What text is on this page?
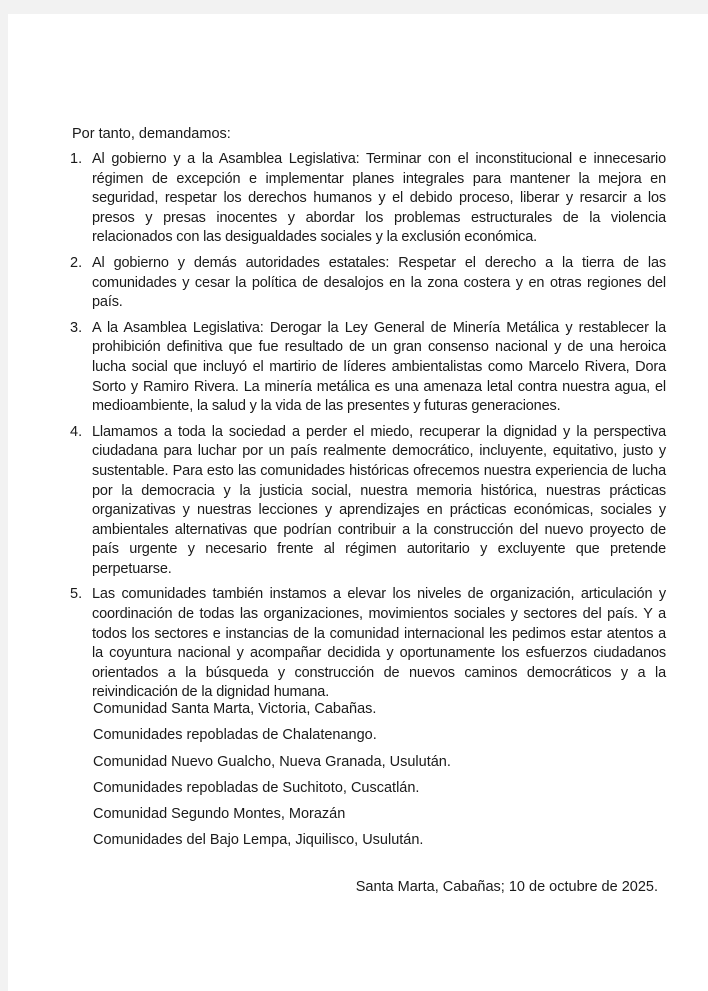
Por tanto, demandamos:

1. Al gobierno y a la Asamblea Legislativa: Terminar con el inconstitucional e innecesario régimen de excepción e implementar planes integrales para mantener la mejora en seguridad, respetar los derechos humanos y el debido proceso, liberar y resarcir a los presos y presas inocentes y abordar los problemas estructurales de la violencia relacionados con las desigualdades sociales y la exclusión económica.
2. Al gobierno y demás autoridades estatales: Respetar el derecho a la tierra de las comunidades y cesar la política de desalojos en la zona costera y en otras regiones del país.
3. A la Asamblea Legislativa: Derogar la Ley General de Minería Metálica y restablecer la prohibición definitiva que fue resultado de un gran consenso nacional y de una heroica lucha social que incluyó el martirio de líderes ambientalistas como Marcelo Rivera, Dora Sorto y Ramiro Rivera. La minería metálica es una amenaza letal contra nuestra agua, el medioambiente, la salud y la vida de las presentes y futuras generaciones.
4. Llamamos a toda la sociedad a perder el miedo, recuperar la dignidad y la perspectiva ciudadana para luchar por un país realmente democrático, incluyente, equitativo, justo y sustentable. Para esto las comunidades históricas ofrecemos nuestra experiencia de lucha por la democracia y la justicia social, nuestra memoria histórica, nuestras prácticas organizativas y nuestras lecciones y aprendizajes en prácticas económicas, sociales y ambientales alternativas que podrían contribuir a la construcción del nuevo proyecto de país urgente y necesario frente al régimen autoritario y excluyente que pretende perpetuarse.
5. Las comunidades también instamos a elevar los niveles de organización, articulación y coordinación de todas las organizaciones, movimientos sociales y sectores del país. Y a todos los sectores e instancias de la comunidad internacional les pedimos estar atentos a la coyuntura nacional y acompañar decidida y oportunamente los esfuerzos ciudadanos orientados a la búsqueda y construcción de nuevos caminos democráticos y a la reivindicación de la dignidad humana.
Comunidad Santa Marta, Victoria, Cabañas.
Comunidades repobladas de Chalatenango.
Comunidad Nuevo Gualcho, Nueva Granada, Usulután.
Comunidades repobladas de Suchitoto, Cuscatlán.
Comunidad Segundo Montes, Morazán
Comunidades del Bajo Lempa, Jiquilisco, Usulután.

Santa Marta, Cabañas; 10 de octubre de 2025.
